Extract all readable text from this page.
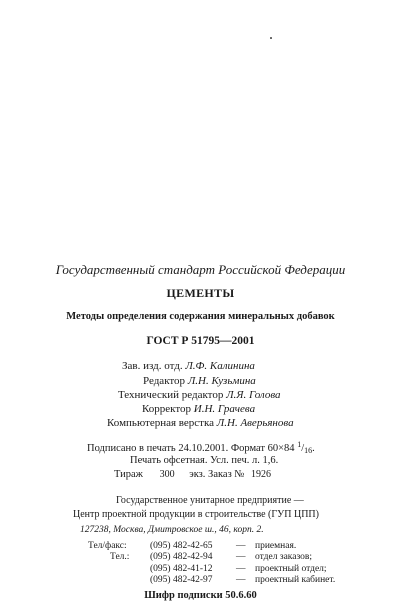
Государственный стандарт Российской Федерации
ЦЕМЕНТЫ
Методы определения содержания минеральных добавок
ГОСТ Р 51795—2001
Зав. изд. отд. Л.Ф. Калинина
Редактор Л.Н. Кузьмина
Технический редактор Л.Я. Голова
Корректор И.Н. Грачева
Компьютерная верстка Л.Н. Аверьянова
Подписано в печать 24.10.2001. Формат 60×84 $^1/_{16}$.
Печать офсетная. Усл. печ. л. 1,6.
Тираж 300 экз. Заказ № 1926
Государственное унитарное предприятие —
Центр проектной продукции в строительстве (ГУП ЦПП)
127238, Москва, Дмитровское ш., 46, корп. 2.
Тел/факс: (095) 482-42-65 — приемная.
Тел.: (095) 482-42-94 — отдел заказов;
(095) 482-41-12 — проектный отдел;
(095) 482-42-97 — проектный кабинет.
Шифр подписки 50.6.60
